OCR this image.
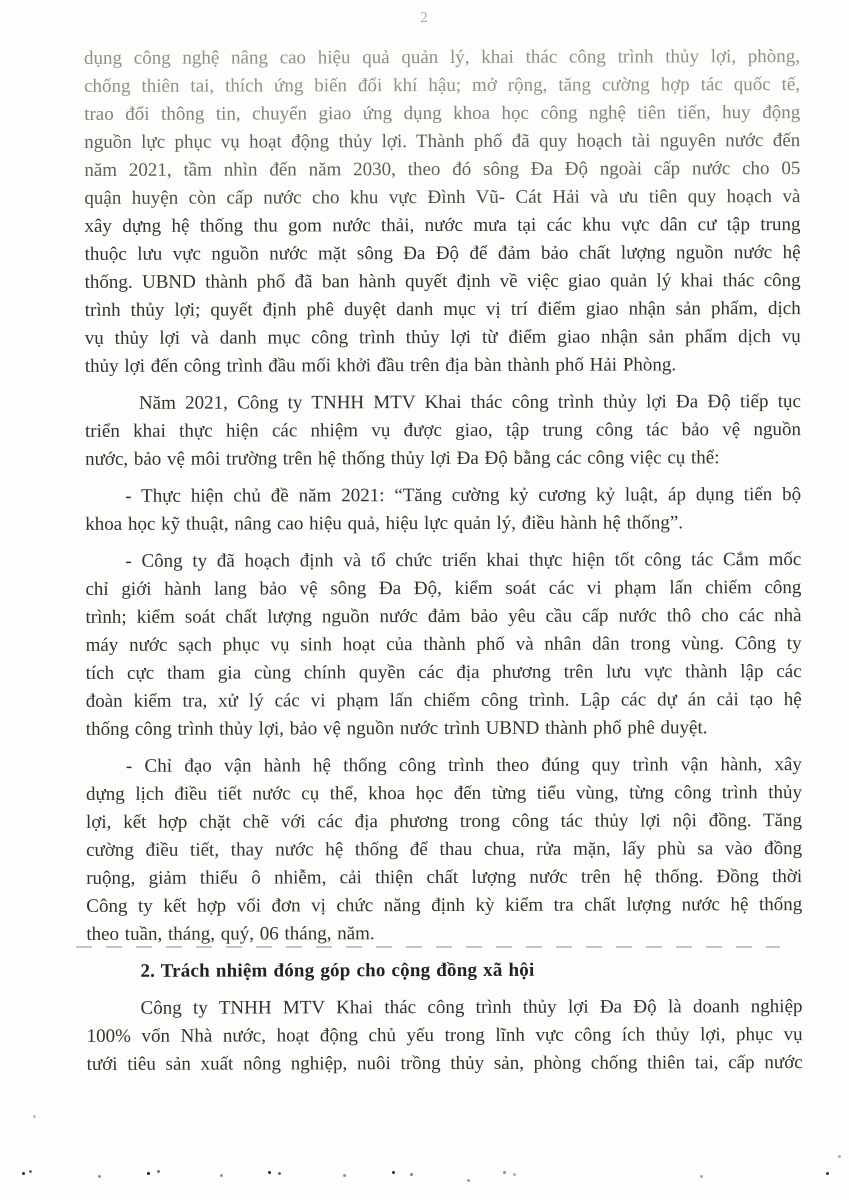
2
dụng công nghệ nâng cao hiệu quả quản lý, khai thác công trình thủy lợi, phòng,
chống thiên tai, thích ứng biến đổi khí hậu; mở rộng, tăng cường hợp tác quốc tế,
trao đổi thông tin, chuyển giao ứng dụng khoa học công nghệ tiên tiến, huy động
nguồn lực phục vụ hoạt động thủy lợi. Thành phố đã quy hoạch tài nguyên nước đến
năm 2021, tầm nhìn đến năm 2030, theo đó sông Đa Độ ngoài cấp nước cho 05
quận huyện còn cấp nước cho khu vực Đình Vũ- Cát Hải và ưu tiên quy hoạch và
xây dựng hệ thống thu gom nước thải, nước mưa tại các khu vực dân cư tập trung
thuộc lưu vực nguồn nước mặt sông Đa Độ để đảm bảo chất lượng nguồn nước hệ
thống. UBND thành phố đã ban hành quyết định về việc giao quản lý khai thác công
trình thủy lợi; quyết định phê duyệt danh mục vị trí điểm giao nhận sản phẩm, dịch
vụ thủy lợi và danh mục công trình thủy lợi từ điểm giao nhận sản phẩm dịch vụ
thủy lợi đến công trình đầu mối khởi đầu trên địa bàn thành phố Hải Phòng.
Năm 2021, Công ty TNHH MTV Khai thác công trình thủy lợi Đa Độ tiếp tục
triển khai thực hiện các nhiệm vụ được giao, tập trung công tác bảo vệ nguồn
nước, bảo vệ môi trường trên hệ thống thủy lợi Đa Độ bằng các công việc cụ thể:
- Thực hiện chủ đề năm 2021: “Tăng cường kỷ cương kỷ luật, áp dụng tiến bộ
khoa học kỹ thuật, nâng cao hiệu quả, hiệu lực quản lý, điều hành hệ thống”.
- Công ty đã hoạch định và tổ chức triển khai thực hiện tốt công tác Cắm mốc
chỉ giới hành lang bảo vệ sông Đa Độ, kiểm soát các vi phạm lấn chiếm công
trình; kiểm soát chất lượng nguồn nước đảm bảo yêu cầu cấp nước thô cho các nhà
máy nước sạch phục vụ sinh hoạt của thành phố và nhân dân trong vùng. Công ty
tích cực tham gia cùng chính quyền các địa phương trên lưu vực thành lập các
đoàn kiểm tra, xử lý các vi phạm lấn chiếm công trình. Lập các dự án cải tạo hệ
thống công trình thủy lợi, bảo vệ nguồn nước trình UBND thành phố phê duyệt.
- Chỉ đạo vận hành hệ thống công trình theo đúng quy trình vận hành, xây
dựng lịch điều tiết nước cụ thể, khoa học đến từng tiểu vùng, từng công trình thủy
lợi, kết hợp chặt chẽ với các địa phương trong công tác thủy lợi nội đồng. Tăng
cường điều tiết, thay nước hệ thống để thau chua, rửa mặn, lấy phù sa vào đồng
ruộng, giảm thiểu ô nhiễm, cải thiện chất lượng nước trên hệ thống. Đồng thời
Công ty kết hợp vối đơn vị chức năng định kỳ kiểm tra chất lượng nước hệ thống
theo tuần, tháng, quý, 06 tháng, năm.
2. Trách nhiệm đóng góp cho cộng đồng xã hội
Công ty TNHH MTV Khai thác công trình thủy lợi Đa Độ là doanh nghiệp
100% vốn Nhà nước, hoạt động chủ yếu trong lĩnh vực công ích thủy lợi, phục vụ
tưới tiêu sản xuất nông nghiệp, nuôi trồng thủy sản, phòng chống thiên tai, cấp nước
